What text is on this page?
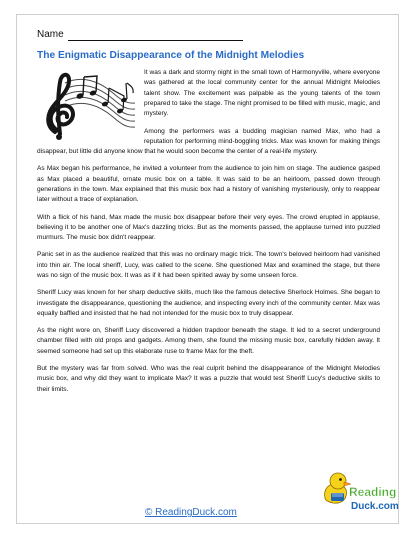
Name
The Enigmatic Disappearance of the Midnight Melodies

It was a dark and stormy night in the small town of Harmonyville, where everyone was gathered at the local community center for the annual Midnight Melodies talent show. The excitement was palpable as the young talents of the town prepared to take the stage. The night promised to be filled with music, magic, and mystery.

Among the performers was a budding magician named Max, who had a reputation for performing mind-boggling tricks. Max was known for making things disappear, but little did anyone know that he would soon become the center of a real-life mystery.

As Max began his performance, he invited a volunteer from the audience to join him on stage. The audience gasped as Max placed a beautiful, ornate music box on a table. It was said to be an heirloom, passed down through generations in the town. Max explained that this music box had a history of vanishing mysteriously, only to reappear later without a trace of explanation.

With a flick of his hand, Max made the music box disappear before their very eyes. The crowd erupted in applause, believing it to be another one of Max's dazzling tricks. But as the moments passed, the applause turned into puzzled murmurs. The music box didn't reappear.

Panic set in as the audience realized that this was no ordinary magic trick. The town's beloved heirloom had vanished into thin air. The local sheriff, Lucy, was called to the scene. She questioned Max and examined the stage, but there was no sign of the music box. It was as if it had been spirited away by some unseen force.

Sheriff Lucy was known for her sharp deductive skills, much like the famous detective Sherlock Holmes. She began to investigate the disappearance, questioning the audience, and inspecting every inch of the community center. Max was equally baffled and insisted that he had not intended for the music box to truly disappear.

As the night wore on, Sheriff Lucy discovered a hidden trapdoor beneath the stage. It led to a secret underground chamber filled with old props and gadgets. Among them, she found the missing music box, carefully hidden away. It seemed someone had set up this elaborate ruse to frame Max for the theft.

But the mystery was far from solved. Who was the real culprit behind the disappearance of the Midnight Melodies music box, and why did they want to implicate Max? It was a puzzle that would test Sheriff Lucy's deductive skills to their limits.

© ReadingDuck.com
Reading
Duck.com
